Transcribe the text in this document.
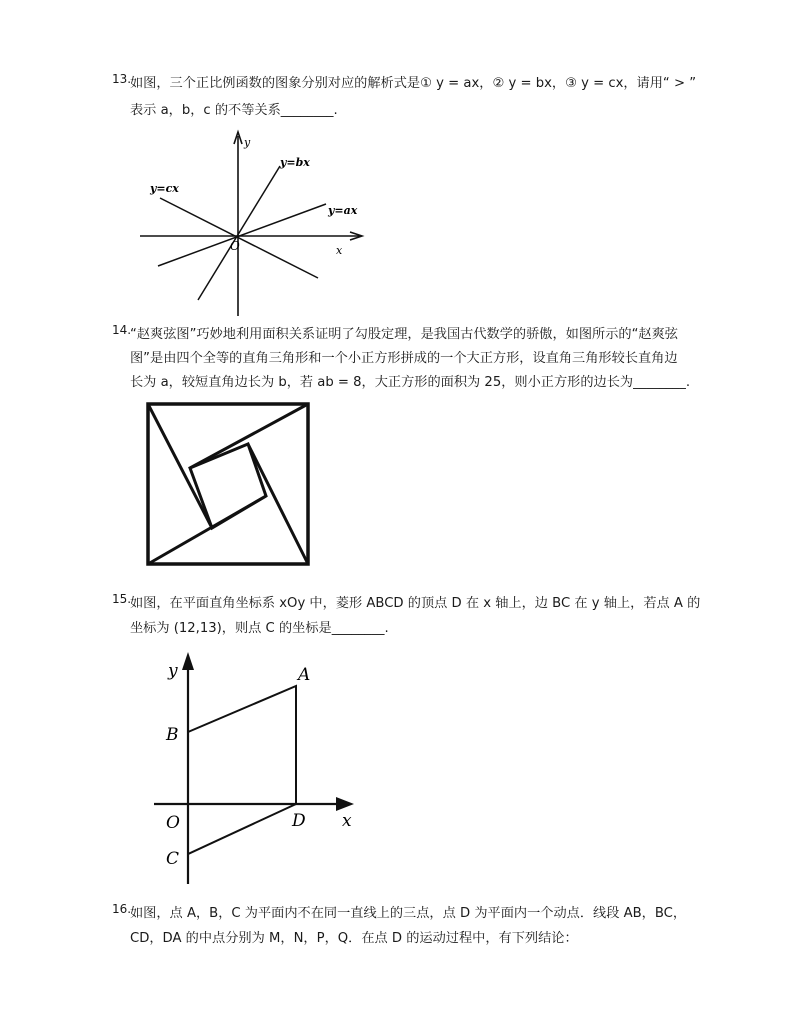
13.
如图，三个正比例函数的图象分别对应的解析式是① y = ax，② y = bx，③ y = cx，请用“ > ”
表示 a，b，c 的不等关系________.
y
x
O
y=bx
y=cx
y=ax
14.
“赵爽弦图”巧妙地利用面积关系证明了勾股定理，是我国古代数学的骄傲，如图所示的“赵爽弦
图”是由四个全等的直角三角形和一个小正方形拼成的一个大正方形，设直角三角形较长直角边
长为 a，较短直角边长为 b，若 ab = 8，大正方形的面积为 25，则小正方形的边长为________.
15.
如图，在平面直角坐标系 xOy 中，菱形 ABCD 的顶点 D 在 x 轴上，边 BC 在 y 轴上，若点 A 的
坐标为 (12,13)，则点 C 的坐标是________.
y
x
O
A
B
C
D
16.
如图，点 A，B，C 为平面内不在同一直线上的三点，点 D 为平面内一个动点．线段 AB，BC，
CD，DA 的中点分别为 M，N，P，Q．在点 D 的运动过程中，有下列结论：
